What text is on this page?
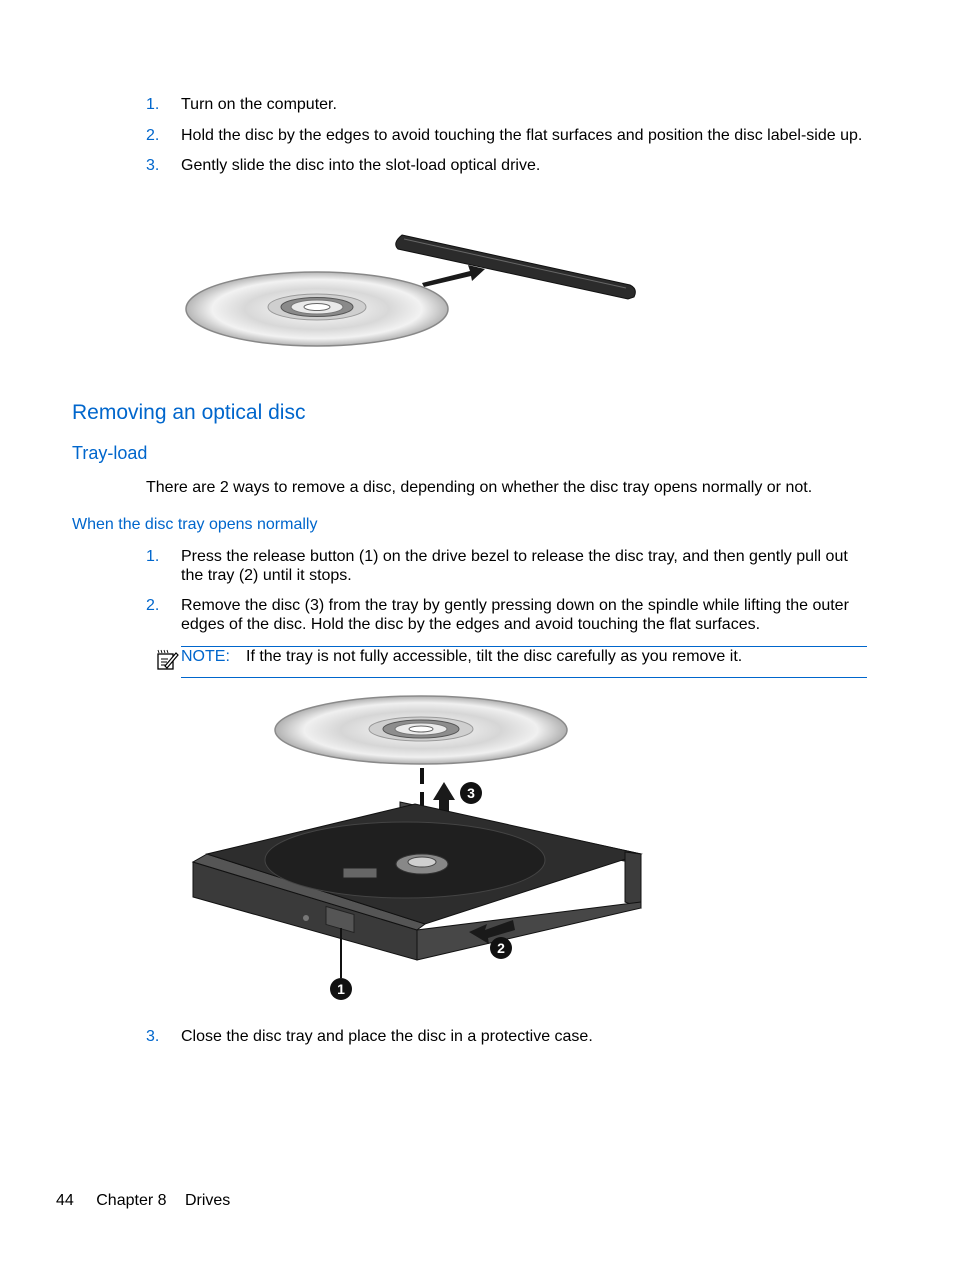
1. Turn on the computer.
2. Hold the disc by the edges to avoid touching the flat surfaces and position the disc label-side up.
3. Gently slide the disc into the slot-load optical drive.
Removing an optical disc
Tray-load
There are 2 ways to remove a disc, depending on whether the disc tray opens normally or not.
When the disc tray opens normally
1. Press the release button (1) on the drive bezel to release the disc tray, and then gently pull out the tray (2) until it stops.
2. Remove the disc (3) from the tray by gently pressing down on the spindle while lifting the outer edges of the disc. Hold the disc by the edges and avoid touching the flat surfaces.
NOTE: If the tray is not fully accessible, tilt the disc carefully as you remove it.
1
2
3
3. Close the disc tray and place the disc in a protective case.
44 Chapter 8 Drives
